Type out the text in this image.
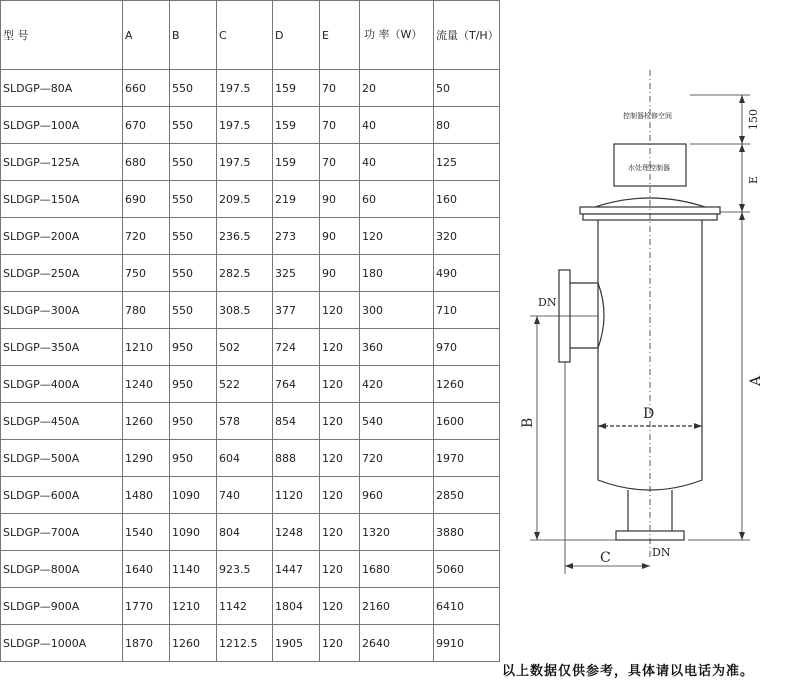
型 号	A	B	C	D	E	功 率（W）	流量（T/H）
SLDGP—80A	660	550	197.5	159	70	20	50
SLDGP—100A	670	550	197.5	159	70	40	80
SLDGP—125A	680	550	197.5	159	70	40	125
SLDGP—150A	690	550	209.5	219	90	60	160
SLDGP—200A	720	550	236.5	273	90	120	320
SLDGP—250A	750	550	282.5	325	90	180	490
SLDGP—300A	780	550	308.5	377	120	300	710
SLDGP—350A	1210	950	502	724	120	360	970
SLDGP—400A	1240	950	522	764	120	420	1260
SLDGP—450A	1260	950	578	854	120	540	1600
SLDGP—500A	1290	950	604	888	120	720	1970
SLDGP—600A	1480	1090	740	1120	120	960	2850
SLDGP—700A	1540	1090	804	1248	120	1320	3880
SLDGP—800A	1640	1140	923.5	1447	120	1680	5060
SLDGP—900A	1770	1210	1142	1804	120	2160	6410
SLDGP—1000A	1870	1260	1212.5	1905	120	2640	9910
控制器检修空间
水处理控制器
150
E
A
B
C
D
DN
DN
以上数据仅供参考，具体请以电话为准。
